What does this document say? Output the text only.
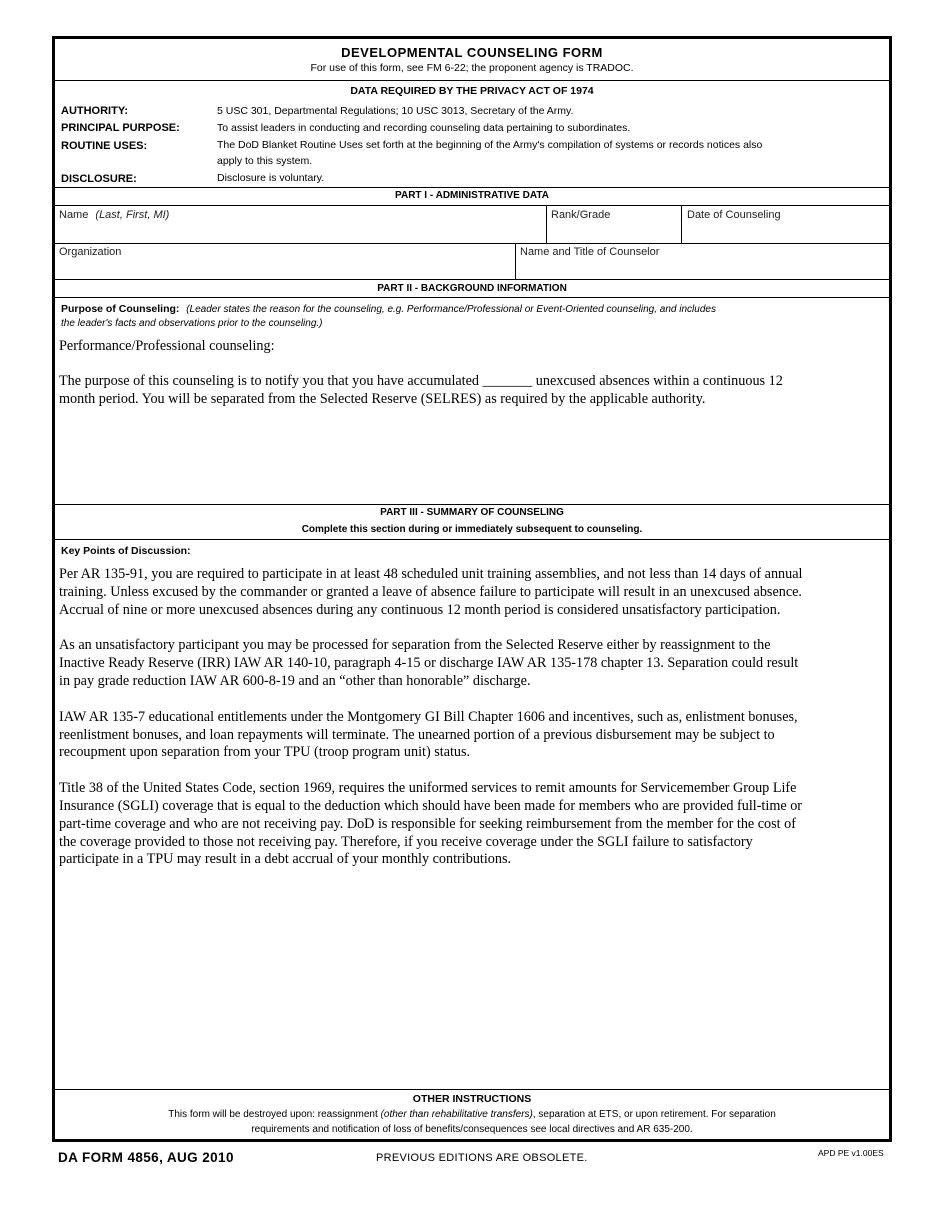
DEVELOPMENTAL COUNSELING FORM
For use of this form, see FM 6-22; the proponent agency is TRADOC.
DATA REQUIRED BY THE PRIVACY ACT OF 1974
AUTHORITY:	5 USC 301, Departmental Regulations; 10 USC 3013, Secretary of the Army.
PRINCIPAL PURPOSE:	To assist leaders in conducting and recording counseling data pertaining to subordinates.
ROUTINE USES:	The DoD Blanket Routine Uses set forth at the beginning of the Army's compilation of systems or records notices also
apply to this system.
DISCLOSURE:	Disclosure is voluntary.
PART I - ADMINISTRATIVE DATA
Name (Last, First, MI)	Rank/Grade	Date of Counseling
Organization	Name and Title of Counselor
PART II - BACKGROUND INFORMATION
Purpose of Counseling: (Leader states the reason for the counseling, e.g. Performance/Professional or Event-Oriented counseling, and includes
the leader's facts and observations prior to the counseling.)
Performance/Professional counseling:
The purpose of this counseling is to notify you that you have accumulated _______ unexcused absences within a continuous 12
month period. You will be separated from the Selected Reserve (SELRES) as required by the applicable authority.
PART III - SUMMARY OF COUNSELING
Complete this section during or immediately subsequent to counseling.
Key Points of Discussion:
Per AR 135-91, you are required to participate in at least 48 scheduled unit training assemblies, and not less than 14 days of annual
training. Unless excused by the commander or granted a leave of absence failure to participate will result in an unexcused absence.
Accrual of nine or more unexcused absences during any continuous 12 month period is considered unsatisfactory participation.
As an unsatisfactory participant you may be processed for separation from the Selected Reserve either by reassignment to the
Inactive Ready Reserve (IRR) IAW AR 140-10, paragraph 4-15 or discharge IAW AR 135-178 chapter 13. Separation could result
in pay grade reduction IAW AR 600-8-19 and an “other than honorable” discharge.
IAW AR 135-7 educational entitlements under the Montgomery GI Bill Chapter 1606 and incentives, such as, enlistment bonuses,
reenlistment bonuses, and loan repayments will terminate. The unearned portion of a previous disbursement may be subject to
recoupment upon separation from your TPU (troop program unit) status.
Title 38 of the United States Code, section 1969, requires the uniformed services to remit amounts for Servicemember Group Life
Insurance (SGLI) coverage that is equal to the deduction which should have been made for members who are provided full-time or
part-time coverage and who are not receiving pay. DoD is responsible for seeking reimbursement from the member for the cost of
the coverage provided to those not receiving pay. Therefore, if you receive coverage under the SGLI failure to satisfactory
participate in a TPU may result in a debt accrual of your monthly contributions.
OTHER INSTRUCTIONS
This form will be destroyed upon: reassignment (other than rehabilitative transfers), separation at ETS, or upon retirement. For separation
requirements and notification of loss of benefits/consequences see local directives and AR 635-200.
DA FORM 4856, AUG 2010	PREVIOUS EDITIONS ARE OBSOLETE.	APD PE v1.00ES
